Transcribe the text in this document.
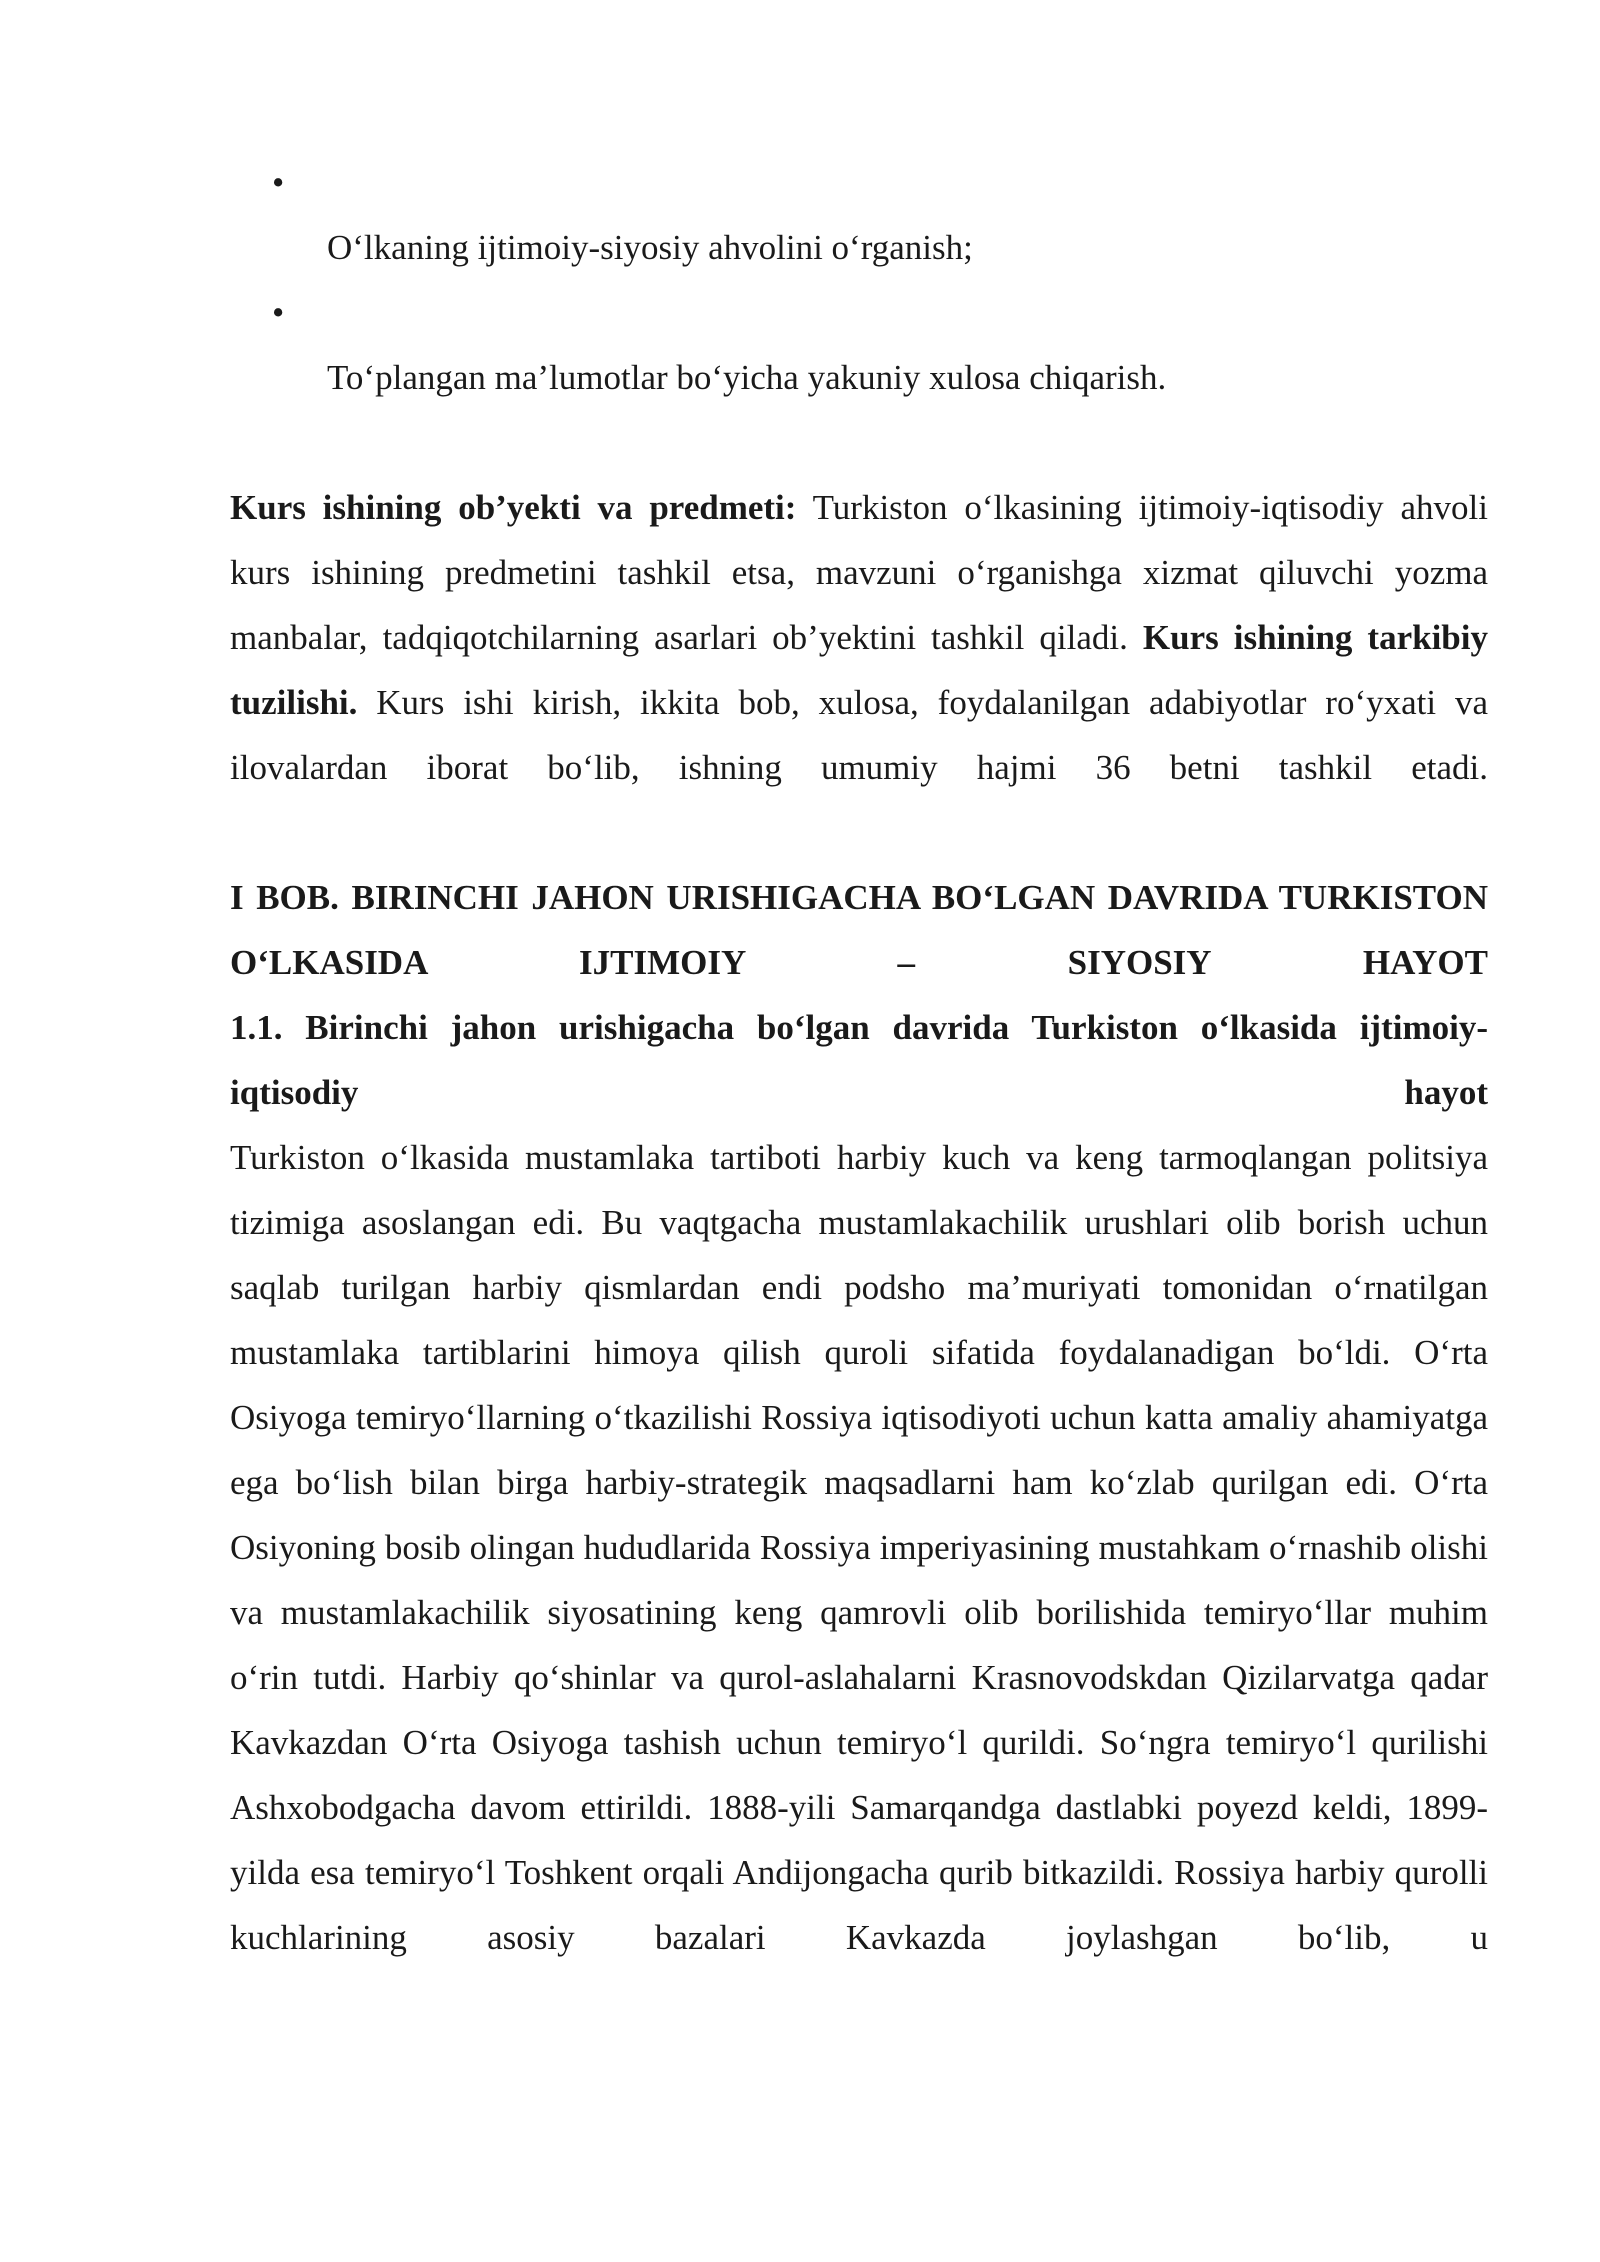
•
O‘lkaning ijtimoiy-siyosiy ahvolini o‘rganish;
•
To‘plangan ma’lumotlar bo‘yicha yakuniy xulosa chiqarish.

Kurs ishining ob’yekti va predmeti: Turkiston o‘lkasining ijtimoiy-iqtisodiy ahvoli kurs ishining predmetini tashkil etsa, mavzuni o‘rganishga xizmat qiluvchi yozma manbalar, tadqiqotchilarning asarlari ob’yektini tashkil qiladi. Kurs ishining tarkibiy tuzilishi. Kurs ishi kirish, ikkita bob, xulosa, foydalanilgan adabiyotlar ro‘yxati va ilovalardan iborat bo‘lib, ishning umumiy hajmi 36 betni tashkil etadi.

I BOB. BIRINCHI JAHON URISHIGACHA BO‘LGAN DAVRIDA TURKISTON O‘LKASIDA IJTIMOIY – SIYOSIY HAYOT

1.1. Birinchi jahon urishigacha bo‘lgan davrida Turkiston o‘lkasida ijtimoiy-iqtisodiy hayot

Turkiston o‘lkasida mustamlaka tartiboti harbiy kuch va keng tarmoqlangan politsiya tizimiga asoslangan edi. Bu vaqtgacha mustamlakachilik urushlari olib borish uchun saqlab turilgan harbiy qismlardan endi podsho ma’muriyati tomonidan o‘rnatilgan mustamlaka tartiblarini himoya qilish quroli sifatida foydalanadigan bo‘ldi. O‘rta Osiyoga temiryo‘llarning o‘tkazilishi Rossiya iqtisodiyoti uchun katta amaliy ahamiyatga ega bo‘lish bilan birga harbiy-strategik maqsadlarni ham ko‘zlab qurilgan edi. O‘rta Osiyoning bosib olingan hududlarida Rossiya imperiyasining mustahkam o‘rnashib olishi va mustamlakachilik siyosatining keng qamrovli olib borilishida temiryo‘llar muhim o‘rin tutdi. Harbiy qo‘shinlar va qurol-aslahalarni Krasnovodskdan Qizilarvatga qadar Kavkazdan O‘rta Osiyoga tashish uchun temiryo‘l qurildi. So‘ngra temiryo‘l qurilishi Ashxobodgacha davom ettirildi. 1888-yili Samarqandga dastlabki poyezd keldi, 1899-yilda esa temiryo‘l Toshkent orqali Andijongacha qurib bitkazildi. Rossiya harbiy qurolli kuchlarining asosiy bazalari Kavkazda joylashgan bo‘lib, u
